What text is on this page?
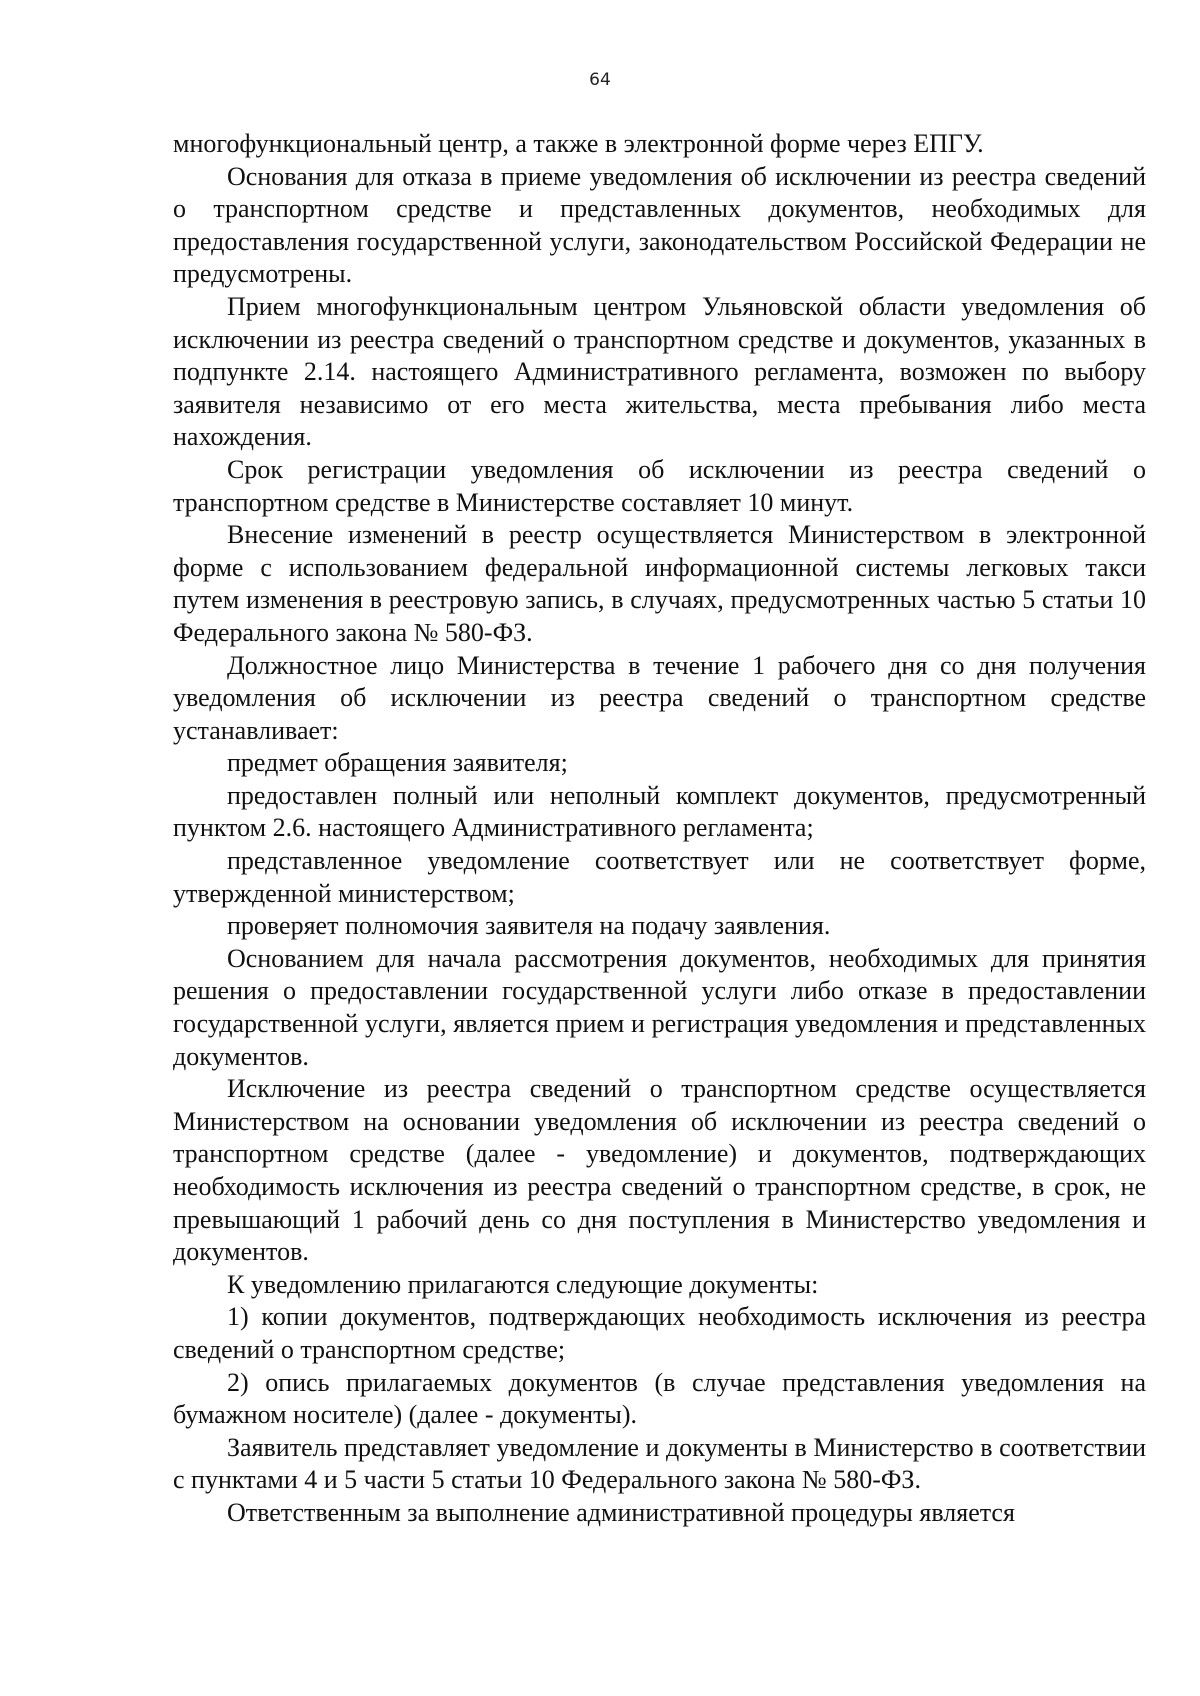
64

многофункциональный центр, а также в электронной форме через ЕПГУ.

Основания для отказа в приеме уведомления об исключении из реестра сведений о транспортном средстве и представленных документов, необходимых для предоставления государственной услуги, законодательством Российской Федерации не предусмотрены.

Прием многофункциональным центром Ульяновской области уведомления об исключении из реестра сведений о транспортном средстве и документов, указанных в подпункте 2.14. настоящего Административного регламента, возможен по выбору заявителя независимо от его места жительства, места пребывания либо места нахождения.

Срок регистрации уведомления об исключении из реестра сведений о транспортном средстве в Министерстве составляет 10 минут.

Внесение изменений в реестр осуществляется Министерством в электронной форме с использованием федеральной информационной системы легковых такси путем изменения в реестровую запись, в случаях, предусмотренных частью 5 статьи 10 Федерального закона № 580-ФЗ.

Должностное лицо Министерства в течение 1 рабочего дня со дня получения уведомления об исключении из реестра сведений о транспортном средстве устанавливает:

предмет обращения заявителя;

предоставлен полный или неполный комплект документов, предусмотренный пунктом 2.6. настоящего Административного регламента;

представленное уведомление соответствует или не соответствует форме, утвержденной министерством;

проверяет полномочия заявителя на подачу заявления.

Основанием для начала рассмотрения документов, необходимых для принятия решения о предоставлении государственной услуги либо отказе в предоставлении государственной услуги, является прием и регистрация уведомления и представленных документов.

Исключение из реестра сведений о транспортном средстве осуществляется Министерством на основании уведомления об исключении из реестра сведений о транспортном средстве (далее - уведомление) и документов, подтверждающих необходимость исключения из реестра сведений о транспортном средстве, в срок, не превышающий 1 рабочий день со дня поступления в Министерство уведомления и документов.

К уведомлению прилагаются следующие документы:

1) копии документов, подтверждающих необходимость исключения из реестра сведений о транспортном средстве;

2) опись прилагаемых документов (в случае представления уведомления на бумажном носителе) (далее - документы).

Заявитель представляет уведомление и документы в Министерство в соответствии с пунктами 4 и 5 части 5 статьи 10 Федерального закона № 580-ФЗ.

Ответственным за выполнение административной процедуры является
